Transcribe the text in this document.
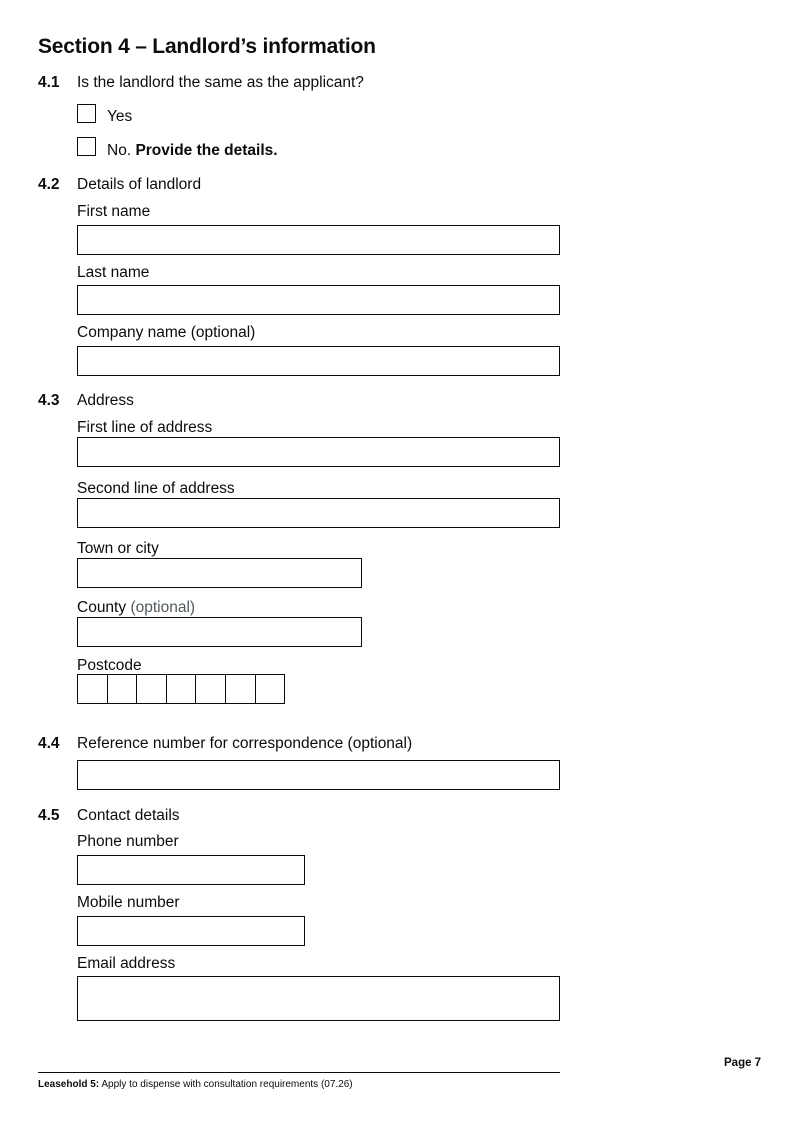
Section 4 – Landlord’s information
4.1 Is the landlord the same as the applicant?
Yes
No. Provide the details.
4.2 Details of landlord
First name
Last name
Company name (optional)
4.3 Address
First line of address
Second line of address
Town or city
County (optional)
Postcode
4.4 Reference number for correspondence (optional)
4.5 Contact details
Phone number
Mobile number
Email address
Page 7
Leasehold 5: Apply to dispense with consultation requirements (07.26)
